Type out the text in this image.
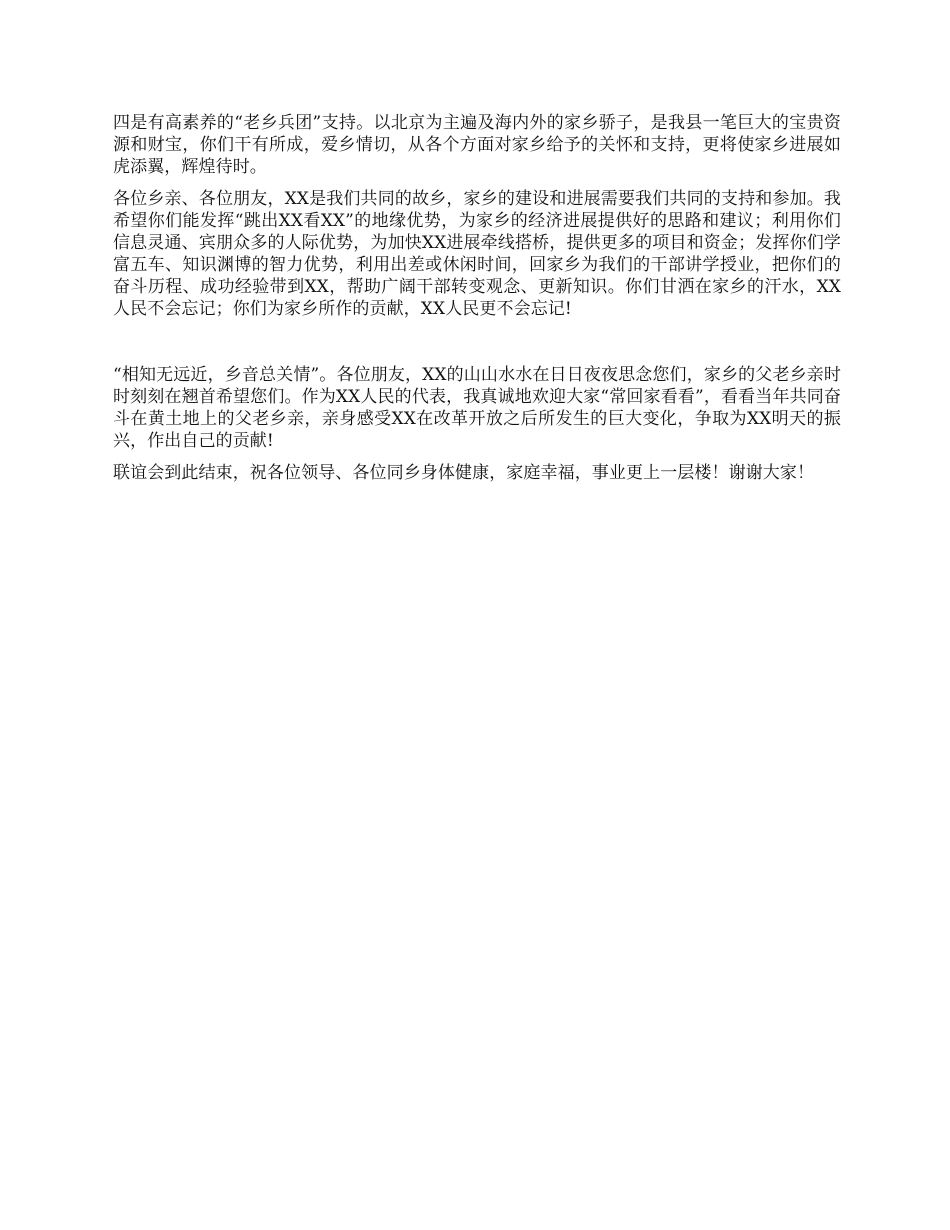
四是有高素养的“老乡兵团”支持。以北京为主遍及海内外的家乡骄子，是我县一笔巨大的宝贵资源和财宝，你们干有所成，爱乡情切，从各个方面对家乡给予的关怀和支持，更将使家乡进展如虎添翼，辉煌待时。

各位乡亲、各位朋友，XX是我们共同的故乡，家乡的建设和进展需要我们共同的支持和参加。我希望你们能发挥“跳出XX看XX”的地缘优势，为家乡的经济进展提供好的思路和建议；利用你们信息灵通、宾朋众多的人际优势，为加快XX进展牵线搭桥，提供更多的项目和资金；发挥你们学富五车、知识渊博的智力优势，利用出差或休闲时间，回家乡为我们的干部讲学授业，把你们的奋斗历程、成功经验带到XX，帮助广阔干部转变观念、更新知识。你们甘洒在家乡的汗水，XX人民不会忘记；你们为家乡所作的贡献，XX人民更不会忘记!

“相知无远近，乡音总关情”。各位朋友，XX的山山水水在日日夜夜思念您们，家乡的父老乡亲时时刻刻在翘首希望您们。作为XX人民的代表，我真诚地欢迎大家“常回家看看”，看看当年共同奋斗在黄土地上的父老乡亲，亲身感受XX在改革开放之后所发生的巨大变化，争取为XX明天的振兴，作出自己的贡献!

联谊会到此结束，祝各位领导、各位同乡身体健康，家庭幸福，事业更上一层楼！谢谢大家！
